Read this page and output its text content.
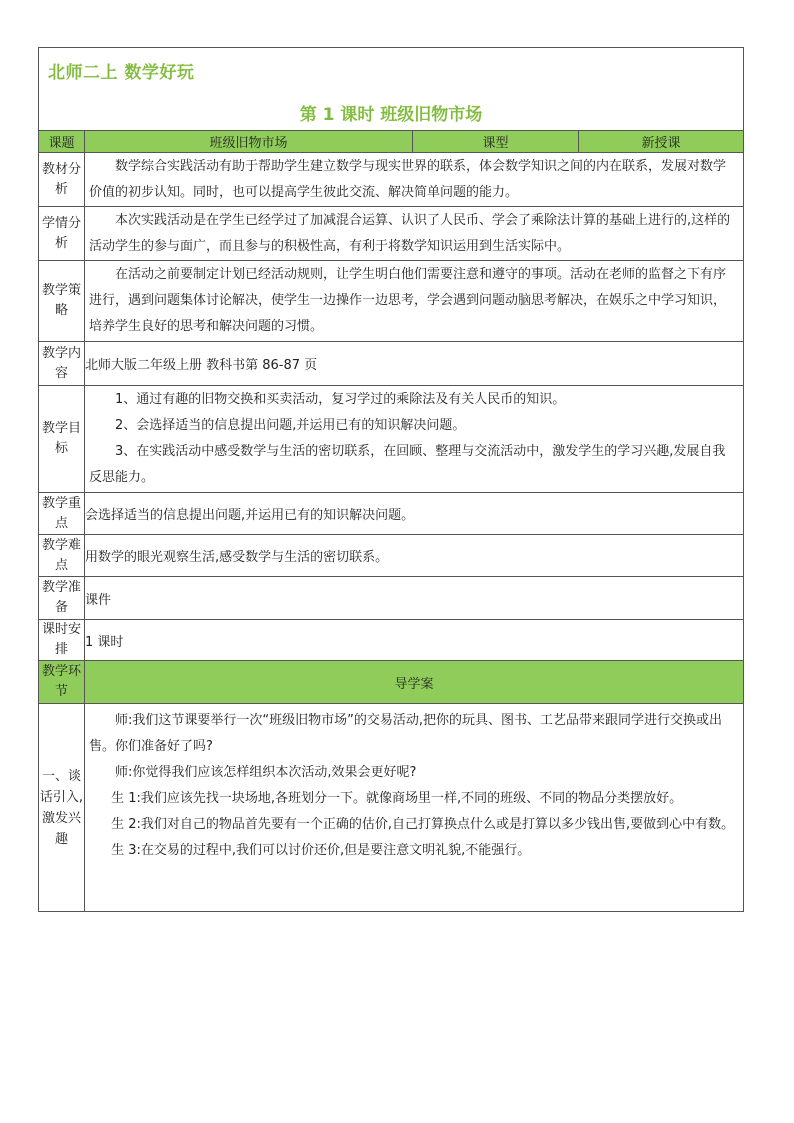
北师二上 数学好玩
第 1 课时 班级旧物市场			

课题	班级旧物市场	课型	新授课
教材分析	数学综合实践活动有助于帮助学生建立数学与现实世界的联系，体会数学知识之间的内在联系，发展对数学价值的初步认知。同时，也可以提高学生彼此交流、解决简单问题的能力。		

学情分析	本次实践活动是在学生已经学过了加减混合运算、认识了人民币、学会了乘除法计算的基础上进行的,这样的活动学生的参与面广，而且参与的积极性高，有利于将数学知识运用到生活实际中。		

教学策略	在活动之前要制定计划已经活动规则，让学生明白他们需要注意和遵守的事项。活动在老师的监督之下有序进行，遇到问题集体讨论解决，使学生一边操作一边思考，学会遇到问题动脑思考解决，在娱乐之中学习知识，培养学生良好的思考和解决问题的习惯。		

教学内容	北师大版二年级上册 教科书第 86-87 页		
教学目标	1、通过有趣的旧物交换和买卖活动，复习学过的乘除法及有关人民币的知识。

2、会选择适当的信息提出问题,并运用已有的知识解决问题。

3、在实践活动中感受数学与生活的密切联系，在回顾、整理与交流活动中，激发学生的学习兴趣,发展自我反思能力。		

教学重点	会选择适当的信息提出问题,并运用已有的知识解决问题。		
教学难点	用数学的眼光观察生活,感受数学与生活的密切联系。		
教学准备	课件		
课时安排	1 课时		
教学环节	导学案		

一、谈话引入,激发兴趣	师:我们这节课要举行一次“班级旧物市场”的交易活动,把你的玩具、图书、工艺品带来跟同学进行交换或出售。你们准备好了吗?

师:你觉得我们应该怎样组织本次活动,效果会更好呢?

生 1:我们应该先找一块场地,各班划分一下。就像商场里一样,不同的班级、不同的物品分类摆放好。

生 2:我们对自己的物品首先要有一个正确的估价,自己打算换点什么或是打算以多少钱出售,要做到心中有数。

生 3:在交易的过程中,我们可以讨价还价,但是要注意文明礼貌,不能强行。		
